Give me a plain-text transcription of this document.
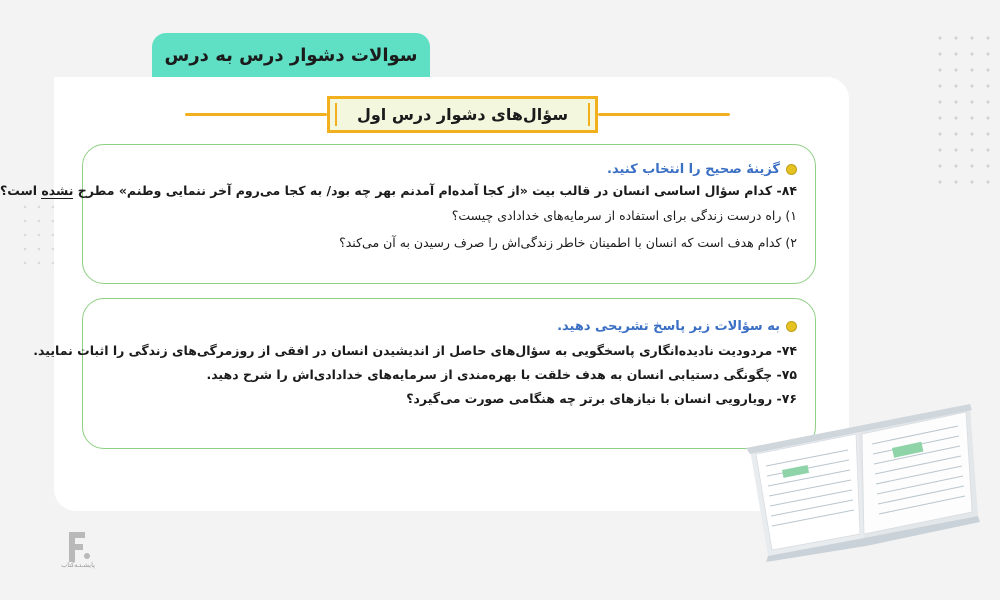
سوالات دشوار درس به درس
سؤال‌های دشوار درس اول
گزینهٔ صحیح را انتخاب کنید.
۸۴- کدام سؤال اساسی انسان در قالب بیت «از کجا آمده‌ام آمدنم بهر چه بود/ به کجا می‌روم آخر ننمایی وطنم» مطرح نشده است؟
۱) راه درست زندگی برای استفاده از سرمایه‌های خدادادی چیست؟
۲) کدام هدف است که انسان با اطمینان خاطر زندگی‌اش را صرف رسیدن به آن می‌کند؟
به سؤالات زیر پاسخ تشریحی دهید.
۷۴- مردودیت نادیده‌انگاری پاسخگویی به سؤال‌های حاصل از اندیشیدن انسان در افقی از روزمرگی‌های زندگی را اثبات نمایید.
۷۵- چگونگی دستیابی انسان به هدف خلقت با بهره‌مندی از سرمایه‌های خدادادی‌اش را شرح دهید.
۷۶- رویارویی انسان با نیازهای برتر چه هنگامی صورت می‌گیرد؟
پایشـتـه‌کتاب
